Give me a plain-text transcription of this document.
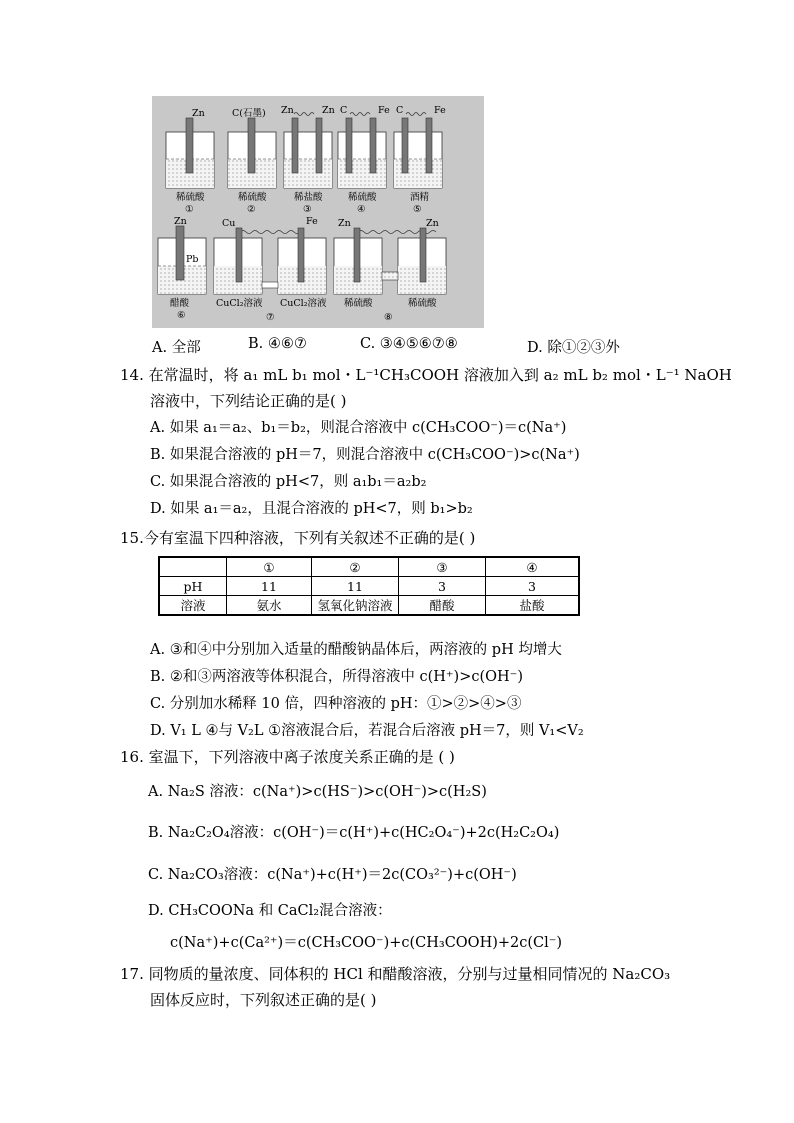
Zn
稀硫酸
①
C(石墨)
稀硫酸
②
Zn	Zn
稀盐酸
③
C	Fe
稀硫酸
④
C	Fe
酒精
⑤
Zn
Pb
醋酸
⑥
Cu	Fe
CuCl₂溶液 CuCl₂溶液
⑦
Zn	Zn
稀硫酸	稀硫酸
⑧
A. 全部	B. ④⑥⑦	C. ③④⑤⑥⑦⑧	D. 除①②③外
14. 在常温时，将 a₁ mL b₁ mol・L⁻¹CH₃COOH 溶液加入到 a₂ mL b₂ mol・L⁻¹ NaOH
溶液中，下列结论正确的是( )
A. 如果 a₁＝a₂、b₁＝b₂，则混合溶液中 c(CH₃COO⁻)＝c(Na⁺)
B. 如果混合溶液的 pH＝7，则混合溶液中 c(CH₃COO⁻)>c(Na⁺)
C. 如果混合溶液的 pH<7，则 a₁b₁＝a₂b₂
D. 如果 a₁＝a₂，且混合溶液的 pH<7，则 b₁>b₂
15.今有室温下四种溶液，下列有关叙述不正确的是( )
	①	②	③	④
pH	11	11	3	3
溶液	氨水	氢氧化钠溶液	醋酸	盐酸
A. ③和④中分别加入适量的醋酸钠晶体后，两溶液的 pH 均增大
B. ②和③两溶液等体积混合，所得溶液中 c(H⁺)>c(OH⁻)
C. 分别加水稀释 10 倍，四种溶液的 pH：①>②>④>③
D. V₁ L ④与 V₂L ①溶液混合后，若混合后溶液 pH＝7，则 V₁<V₂
16. 室温下，下列溶液中离子浓度关系正确的是 ( )
A. Na₂S 溶液：c(Na⁺)>c(HS⁻)>c(OH⁻)>c(H₂S)
B. Na₂C₂O₄溶液：c(OH⁻)＝c(H⁺)+c(HC₂O₄⁻)+2c(H₂C₂O₄)
C. Na₂CO₃溶液：c(Na⁺)+c(H⁺)＝2c(CO₃²⁻)+c(OH⁻)
D. CH₃COONa 和 CaCl₂混合溶液：
c(Na⁺)+c(Ca²⁺)＝c(CH₃COO⁻)+c(CH₃COOH)+2c(Cl⁻)
17. 同物质的量浓度、同体积的 HCl 和醋酸溶液，分别与过量相同情况的 Na₂CO₃
固体反应时，下列叙述正确的是( )
